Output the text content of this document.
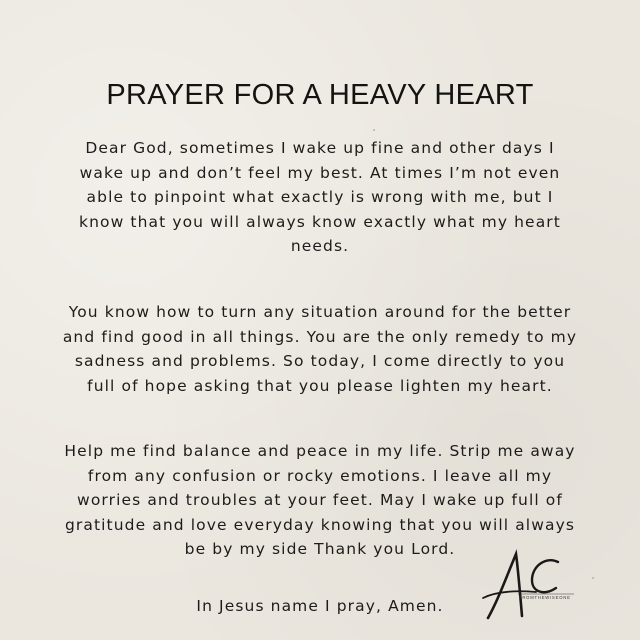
PRAYER FOR A HEAVY HEART
Dear God, sometimes I wake up fine and other days I
wake up and don’t feel my best. At times I’m not even
able to pinpoint what exactly is wrong with me, but I
know that you will always know exactly what my heart
needs.
You know how to turn any situation around for the better
and find good in all things. You are the only remedy to my
sadness and problems. So today, I come directly to you
full of hope asking that you please lighten my heart.
Help me find balance and peace in my life. Strip me away
from any confusion or rocky emotions. I leave all my
worries and troubles at your feet. May I wake up full of
gratitude and love everyday knowing that you will always
be by my side Thank you Lord.
In Jesus name I pray, Amen.	FROMTHEWISEONE
